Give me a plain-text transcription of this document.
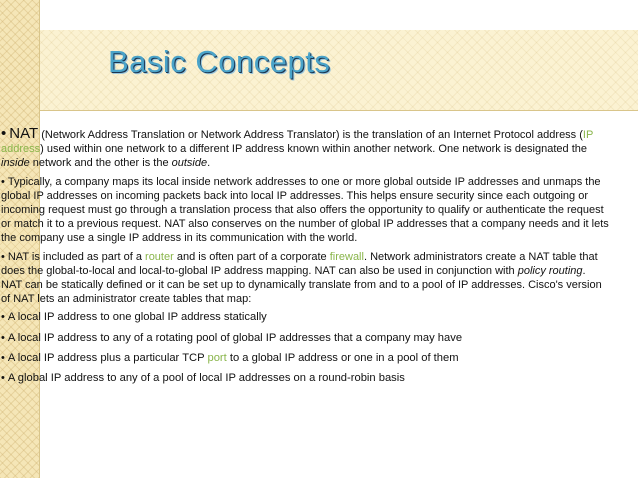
Basic Concepts

• NAT (Network Address Translation or Network Address Translator) is the translation of an Internet Protocol address (IP address) used within one network to a different IP address known within another network. One network is designated the inside network and the other is the outside.

• Typically, a company maps its local inside network addresses to one or more global outside IP addresses and unmaps the global IP addresses on incoming packets back into local IP addresses. This helps ensure security since each outgoing or incoming request must go through a translation process that also offers the opportunity to qualify or authenticate the request or match it to a previous request. NAT also conserves on the number of global IP addresses that a company needs and it lets the company use a single IP address in its communication with the world.

• NAT is included as part of a router and is often part of a corporate firewall. Network administrators create a NAT table that does the global-to-local and local-to-global IP address mapping. NAT can also be used in conjunction with policy routing. NAT can be statically defined or it can be set up to dynamically translate from and to a pool of IP addresses. Cisco's version of NAT lets an administrator create tables that map:

• A local IP address to one global IP address statically

• A local IP address to any of a rotating pool of global IP addresses that a company may have

• A local IP address plus a particular TCP port to a global IP address or one in a pool of them

• A global IP address to any of a pool of local IP addresses on a round-robin basis
